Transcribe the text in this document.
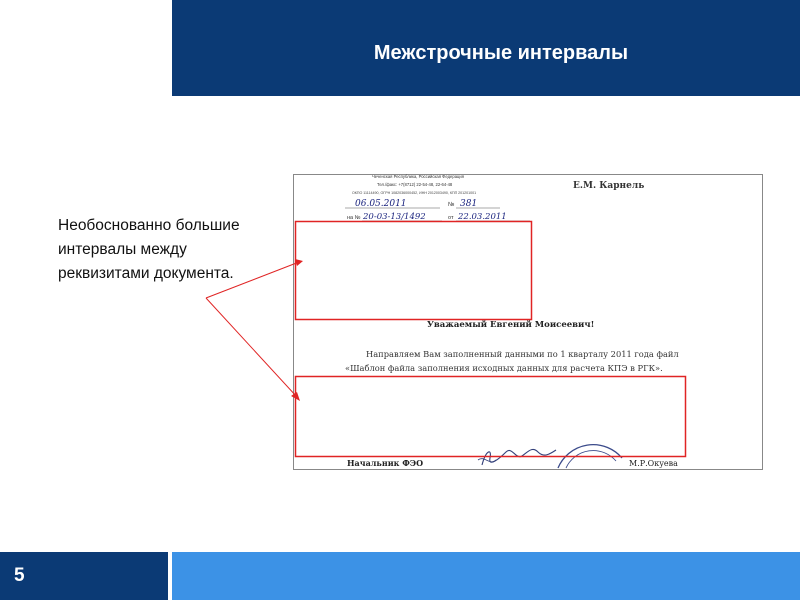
Межстрочные интервалы
Необоснованно большие интервалы между реквизитами документа.
Чеченская Республика, Российская Федерация
Тел./факс: +7(8712) 22-54-48, 22-64-48
ОКПО 11114490, ОГРН 1082036000452, ИНН 2012003490, КПП 201201001
06.05.2011	№ 381
на № 20-03-13/1492	от 22.03.2011
Е.М. Карнель
Уважаемый Евгений Моисеевич!
Направляем Вам заполненный данными по 1 кварталу 2011 года файл
«Шаблон файла заполнения исходных данных для расчета КПЭ в РГК».
Начальник ФЭО	М.Р.Окуева
5
